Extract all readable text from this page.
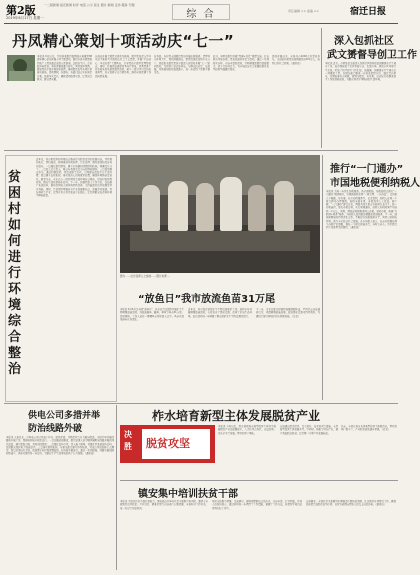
第2版	一二版新闻·宿迁新闻 时评 电话·公示 民生 图片·新闻 走访·服务 专题
2019年6月17日 星期一	综 合	责任编辑 ×× 美编 ××	宿迁日报
丹凤精心策划十项活动庆“七一”
本报讯 6月以来，丹凤县委组织部围绕庆祝建党98周年精心策划开展十项主题活动，组织全县各级党组织和广大党员通过重温入党誓词、过政治生日、走访慰问老党员、举办党课竞赛等形式，营造浓厚氛围，激发党员干部干事创业热情，推动脱贫攻坚各项任务落实落地。活动期间，各镇办、各部门结合实际制定方案，层层压实责任，确保活动取得实效，让党员受教育、群众得实惠。
该县以开展主题党日活动为载体，组织党员深入学习习近平新时代中国特色社会主义思想，开展“不忘初心、牢记使命”主题教育，引导党员干部坚定理想信念。同时，开展评选表彰优秀共产党员、优秀党务工作者和先进基层党组织活动，树立一批可学可比的先进典型，充分发挥示范引领作用，推动全县党建工作高质量发展。
在基层，各村党支部组织党员开展志愿服务，清理村庄环境卫生，帮扶困难群众，把党的温暖送到千家万户。县直机关组织党员干部深入包联村开展“七一”慰问活动，为贫困户送去慰问品，与群众拉家常、话发展，共同谋划脱贫致富路子，进一步密切了党群干群关系。
此外，县里还组织开展“党建+扶贫”观摩交流、红色教育基地参观、党员先锋岗评比等活动，通过一系列形式多样、内容丰富的活动，不断增强党组织的凝聚力、战斗力和号召力，为全县经济社会发展和脱贫攻坚提供坚强组织保证。
活动开展以来，全县共有2000余名党员参与，走访慰问老党员和困难党员300余人，收到良好社会效果。（通讯员）
深入包抓社区
武文赟督导创卫工作
本报讯 近日，市领导武文赟深入包抓社区督导检查创建国家卫生城市工作。他详细察看了社区背街小巷、农贸市场、居民小区环境卫生状况，听取了社区创卫工作汇报。他强调，创建国家卫生城市是一项惠民工程，各级各部门要进一步提高思想认识，强化责任担当，对照标准补齐短板，做到全覆盖、无死角，以实际行动推进创卫工作取得新成效，为群众营造干净整洁的生活环境。
贫
困
村
如
何
进
行
环
境
综
合
整
治
近年来，我市把贫困村环境综合整治作为脱贫攻坚的重要内容，坚持规划先行、因村施策，统筹推进垃圾治理、污水处理、厕所革命和村容村貌提升。一是强化组织领导，建立市县镇村四级联动机制，明确责任分工；二是加大资金投入，整合各类涉农资金向贫困村倾斜；三是发动群众参与，通过村规民约、评比表彰等方式，引导群众改变不良生活习惯；四是建立长效机制，落实保洁人员和管护经费，确保环境整治常态化。截至目前，全市已有一批贫困村完成环境综合整治，村容村貌明显改善，群众生活质量稳步提升。下一步，将继续加大工作力度，总结推广先进经验，推动贫困村人居环境持续改善，为打赢脱贫攻坚战奠定坚实基础。同时，注重把环境整治与产业发展相结合，发展乡村旅游、特色种养等产业，让绿水青山真正变成金山银山，让贫困群众在改善环境中增收致富。
图为……社会各界人士参加……图片来源 …
“放鱼日”我市放流鱼苗31万尾
本报讯 6月6日是全国“放鱼日”，我市在丹江组织开展水生生物增殖放流活动，共放流鲢鱼、鳙鱼、草鱼等鱼苗31万尾。活动现场，工作人员将一桶桶鱼苗缓缓放入江中，鱼苗欢快地游向水域深处。
近年来，我市高度重视水生生物资源养护工作，连续多年开展增殖放流活动，有效补充了渔业资源，改善了水域生态环境。此次活动进一步增强了群众保护水生生物资源的意识。
下一步，市农业部门将继续加强渔政执法，严厉打击非法捕捞行为，巩固增殖放流成果，促进渔业资源可持续利用，为建设美丽宜居城市作出积极贡献。（记者）
推行“一门通办”
市国地税便利纳税人
本报讯 为进一步优化纳税服务，我市国税局、地税局联合推行“一门通办”服务模式，实现国地税业务“一窗受理、一次办结”，让纳税人少跑路、好办事。在市办税服务厅，记者看到，纳税人在同一个窗口即可办理国税、地税全部业务，办税效率大大提高。据了解，“一门通办”推行以来，两局共设立联合办税窗口若干个，统一办税流程，简化办税资料，实行同城通办，纳税人办税时间平均缩短一半以上。同时，两局还积极推进网上办税、移动办税，拓展“互联网+税务”服务，为纳税人提供更加便捷高效的服务。下一步，国地税两局将持续深化合作，不断提升纳税服务水平，营造良好税收环境，助力全市经济社会发展。许多纳税人表示，以前办税要在两个办税厅来回跑，现在一个窗口就能办完，省时又省心，真正感受到了改革带来的便利。（通讯员）
柞水培育新型主体发展脱贫产业
决
胜 脱贫攻坚
本报讯 今年以来，柞水县把培育新型经营主体作为发展脱贫产业的重要抓手，大力扶持合作社、家庭农场、龙头企业等发展，带动贫困户增收。
该县通过政策扶持、资金奖补、技术培训等措施，支持新型经营主体发展木耳、中药材、核桃等特色产业，建立利益联结机制，让贫困户分享产业发展收益。
目前，全县已培育各类新型经营主体数百家，带动贫困户数千户，产业脱贫成效逐步显现。（记者）
供电公司多措并举
防治线路外破
本报讯 入夏以来，市供电公司针对施工作业、树线矛盾、异物搭挂等外力破坏隐患，多措并举开展线路防外破工作，保障电网安全稳定运行。一是加强巡视排查，组织运维人员对辖区输配电线路开展拉网式巡查，建立隐患台账，及时消除隐患；二是强化宣传引导，深入施工现场、村组社区发放宣传资料，提高群众保护电力设施意识；三是落实联防机制，与相关部门建立协作机制，对重点区段安排专人蹲守；四是运用技术手段，加装警示标识和视频监控，提升防外破能力。通过一系列措施，线路外破故障明显减少，供电可靠性进一步提升，为群众生产生活用电提供了有力保障。（通讯员）
镇安集中培训扶贫干部
本报讯 为提升扶贫干部业务能力，镇安县近日举办扶贫干部集中培训班，邀请专家就脱贫攻坚政策、产业扶贫、精准识别等内容进行专题授课，全县驻村工作队员、第一书记等参加培训。
培训采取集中授课、交流研讨、现场观摩相结合的方式，内容丰富、针对性强。参训人员纷纷表示，通过培训进一步理清了工作思路，掌握了工作方法，将把所学知识运用到实际工作中。
该县要求，全体扶贫干部要切实增强责任感和使命感，扎实做好各项帮扶工作，确保高质量完成脱贫攻坚任务，以优异成绩向党和人民交上满意答卷。（通讯员）
